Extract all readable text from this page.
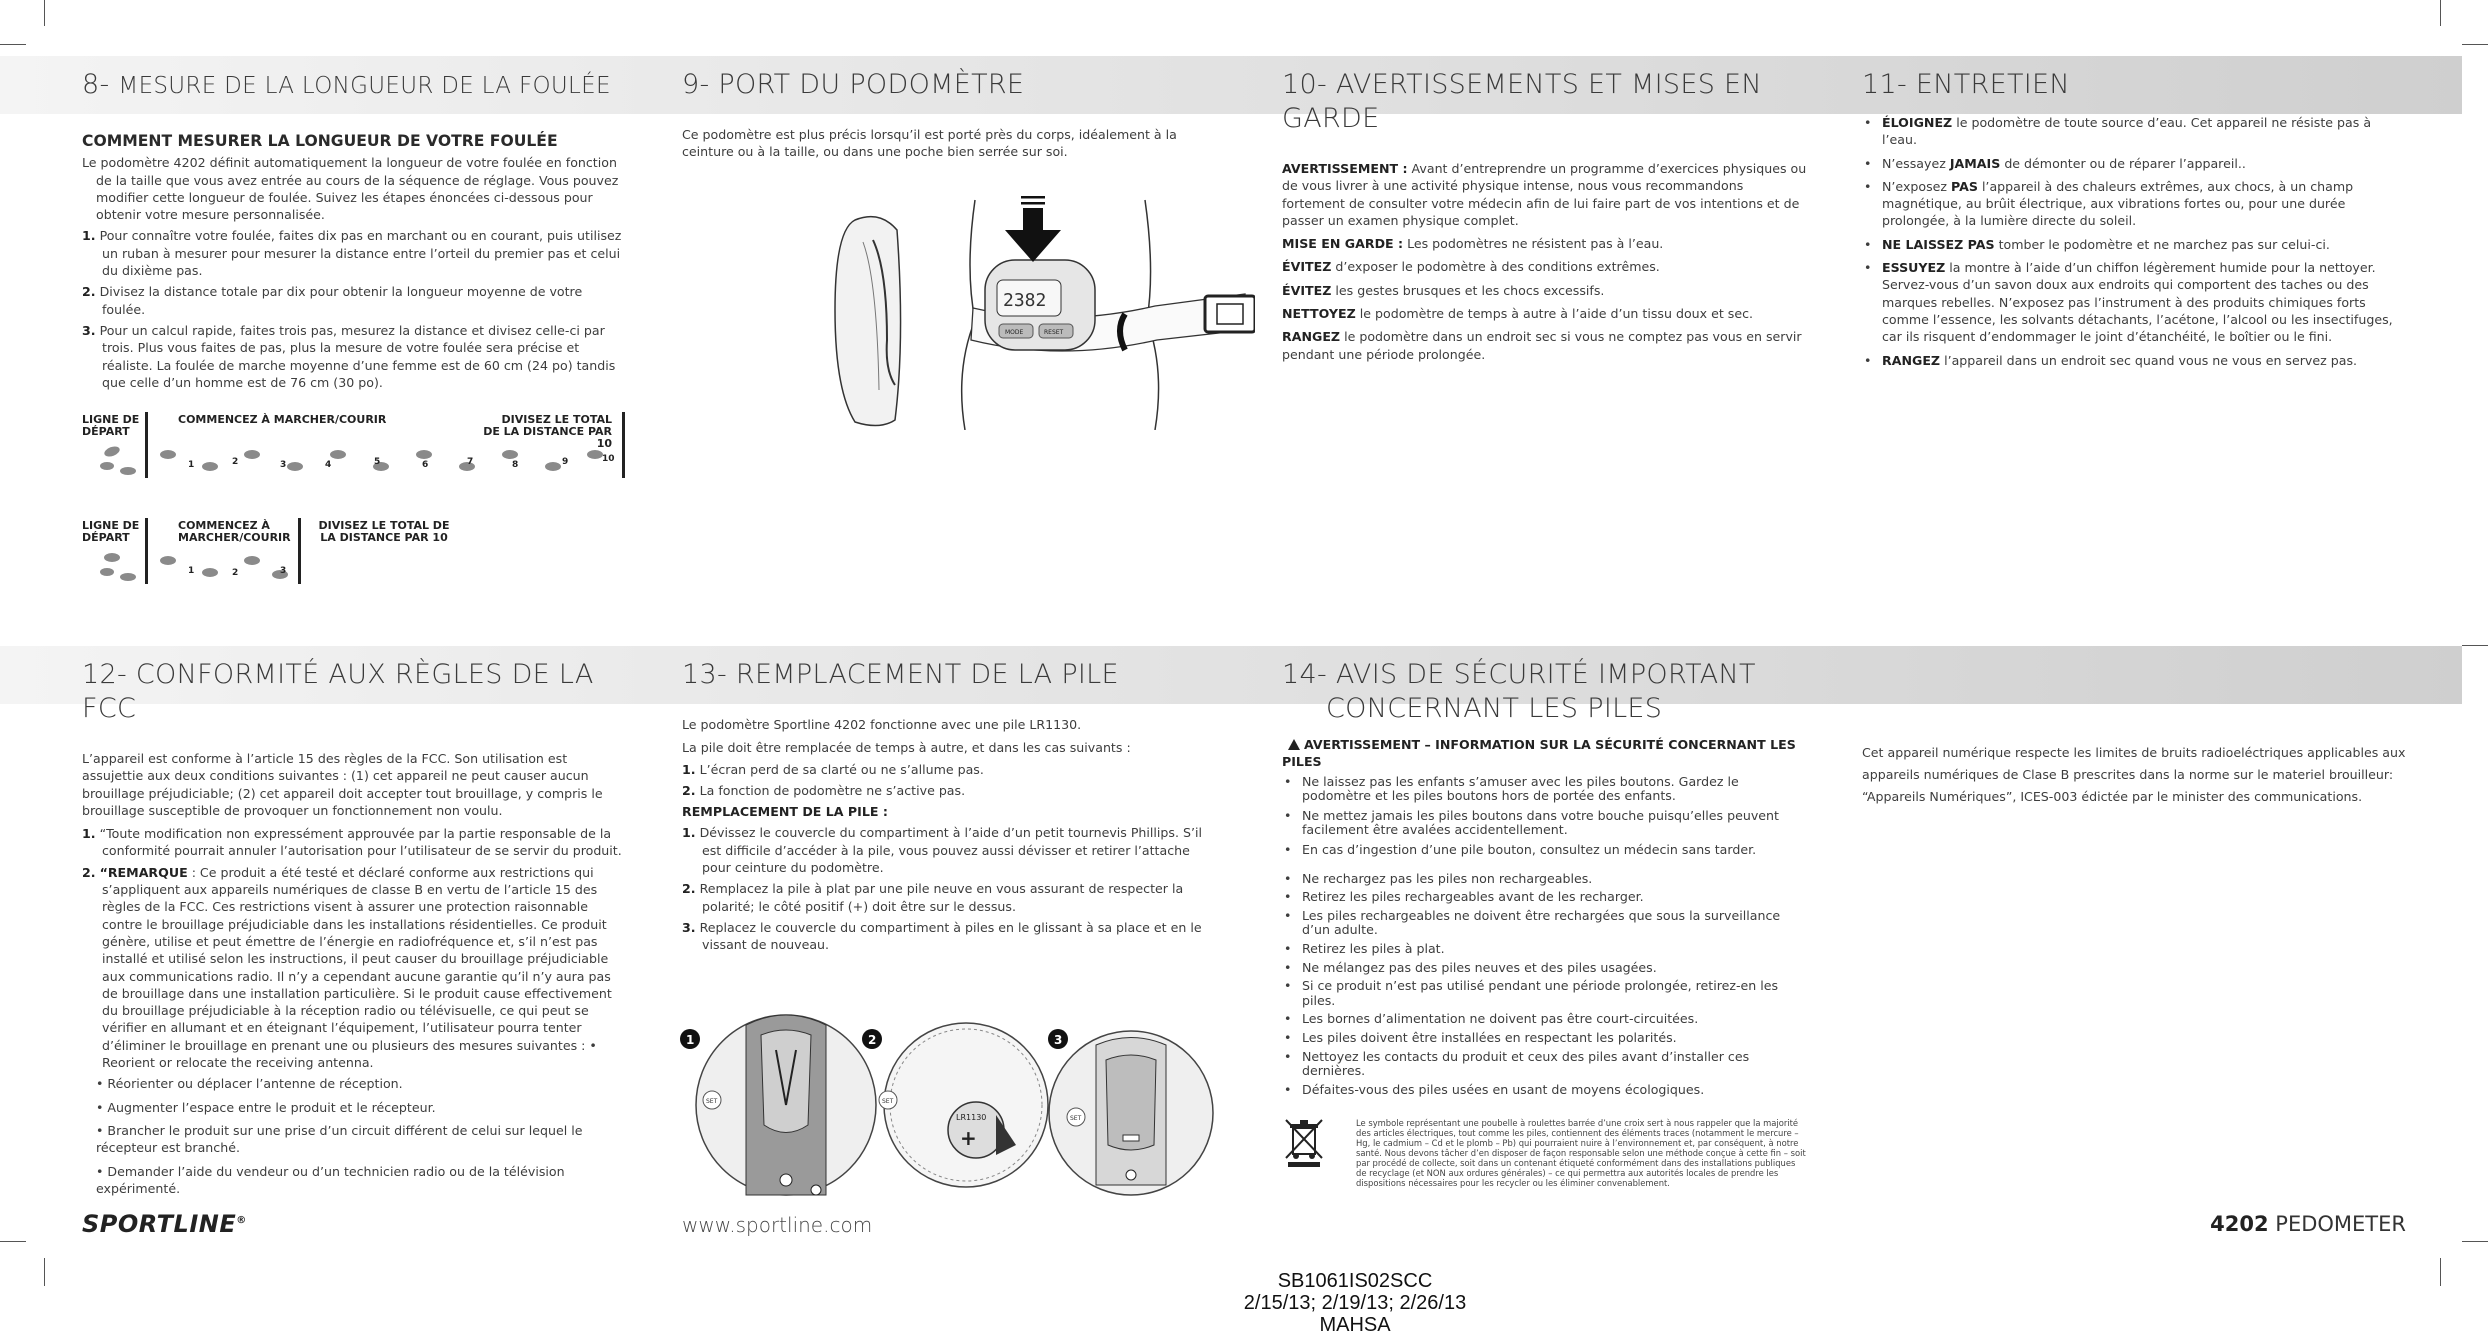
8- MESURE DE LA LONGUEUR DE LA FOULÉE

COMMENT MESURER LA LONGUEUR DE VOTRE FOULÉE

Le podomètre 4202 définit automatiquement la longueur de votre foulée en fonction de la taille que vous avez entrée au cours de la séquence de réglage. Vous pouvez modifier cette longueur de foulée. Suivez les étapes énoncées ci-dessous pour obtenir votre mesure personnalisée.

1. Pour connaître votre foulée, faites dix pas en marchant ou en courant, puis utilisez un ruban à mesurer pour mesurer la distance entre l’orteil du premier pas et celui du dixième pas.

2. Divisez la distance totale par dix pour obtenir la longueur moyenne de votre foulée.

3. Pour un calcul rapide, faites trois pas, mesurez la distance et divisez celle-ci par trois. Plus vous faites de pas, plus la mesure de votre foulée sera précise et réaliste. La foulée de marche moyenne d’une femme est de 60 cm (24 po) tandis que celle d’un homme est de 76 cm (30 po).

LIGNE DE DÉPART
COMMENCEZ À MARCHER/COURIR	DIVISEZ LE TOTAL DE LA DISTANCE PAR 10
1	2	3	4	5	6	7	8	9	10
LIGNE DE DÉPART
COMMENCEZ À MARCHER/COURIR
DIVISEZ LE TOTAL DE LA DISTANCE PAR 10
1	2	3
9- PORT DU PODOMÈTRE

Ce podomètre est plus précis lorsqu’il est porté près du corps, idéalement à la ceinture ou à la taille, ou dans une poche bien serrée sur soi.

2382
MODE	RESET
10- AVERTISSEMENTS ET MISES EN GARDE

AVERTISSEMENT : Avant d’entreprendre un programme d’exercices physiques ou de vous livrer à une activité physique intense, nous vous recommandons fortement de consulter votre médecin afin de lui faire part de vos intentions et de passer un examen physique complet.

MISE EN GARDE : Les podomètres ne résistent pas à l’eau.

ÉVITEZ d’exposer le podomètre à des conditions extrêmes.

ÉVITEZ les gestes brusques et les chocs excessifs.

NETTOYEZ le podomètre de temps à autre à l’aide d’un tissu doux et sec.

RANGEZ le podomètre dans un endroit sec si vous ne comptez pas vous en servir pendant une période prolongée.

11- ENTRETIEN
• ÉLOIGNEZ le podomètre de toute source d’eau. Cet appareil ne résiste pas à l’eau.
• N’essayez JAMAIS de démonter ou de réparer l’appareil..
• N’exposez PAS l’appareil à des chaleurs extrêmes, aux chocs, à un champ magnétique, au brûit électrique, aux vibrations fortes ou, pour une durée prolongée, à la lumière directe du soleil.
• NE LAISSEZ PAS tomber le podomètre et ne marchez pas sur celui-ci.
• ESSUYEZ la montre à l’aide d’un chiffon légèrement humide pour la nettoyer. Servez-vous d’un savon doux aux endroits qui comportent des taches ou des marques rebelles. N’exposez pas l’instrument à des produits chimiques forts comme l’essence, les solvants détachants, l’acétone, l’alcool ou les insectifuges, car ils risquent d’endommager le joint d’étanchéité, le boîtier ou le fini.
• RANGEZ l’appareil dans un endroit sec quand vous ne vous en servez pas.
12- CONFORMITÉ AUX RÈGLES DE LA FCC

L’appareil est conforme à l’article 15 des règles de la FCC. Son utilisation est assujettie aux deux conditions suivantes : (1) cet appareil ne peut causer aucun brouillage préjudiciable; (2) cet appareil doit accepter tout brouillage, y compris le brouillage susceptible de provoquer un fonctionnement non voulu.

1. “Toute modification non expressément approuvée par la partie responsable de la conformité pourrait annuler l’autorisation pour l’utilisateur de se servir du produit.

2. “REMARQUE : Ce produit a été testé et déclaré conforme aux restrictions qui s’appliquent aux appareils numériques de classe B en vertu de l’article 15 des règles de la FCC. Ces restrictions visent à assurer une protection raisonnable contre le brouillage préjudiciable dans les installations résidentielles. Ce produit génère, utilise et peut émettre de l’énergie en radiofréquence et, s’il n’est pas installé et utilisé selon les instructions, il peut causer du brouillage préjudiciable aux communications radio. Il n’y a cependant aucune garantie qu’il n’y aura pas de brouillage dans une installation particulière. Si le produit cause effectivement du brouillage préjudiciable à la réception radio ou télévisuelle, ce qui peut se vérifier en allumant et en éteignant l’équipement, l’utilisateur pourra tenter d’éliminer le brouillage en prenant une ou plusieurs des mesures suivantes : • Reorient or relocate the receiving antenna.

• Réorienter ou déplacer l’antenne de réception.

• Augmenter l’espace entre le produit et le récepteur.

• Brancher le produit sur une prise d’un circuit différent de celui sur lequel le récepteur est branché.

• Demander l’aide du vendeur ou d’un technicien radio ou de la télévision expérimenté.

13- REMPLACEMENT DE LA PILE

Le podomètre Sportline 4202 fonctionne avec une pile LR1130.

La pile doit être remplacée de temps à autre, et dans les cas suivants :

1. L’écran perd de sa clarté ou ne s’allume pas.

2. La fonction de podomètre ne s’active pas.

REMPLACEMENT DE LA PILE :

1. Dévissez le couvercle du compartiment à l’aide d’un petit tournevis Phillips. S’il est difficile d’accéder à la pile, vous pouvez aussi dévisser et retirer l’attache pour ceinture du podomètre.

2. Remplacez la pile à plat par une pile neuve en vous assurant de respecter la polarité; le côté positif (+) doit être sur le dessus.

3. Replacez le couvercle du compartiment à piles en le glissant à sa place et en le vissant de nouveau.

1
SET
2
LR1130
+
SET
3
SET
14- AVIS DE SÉCURITÉ IMPORTANT
CONCERNANT LES PILES

AVERTISSEMENT – INFORMATION SUR LA SÉCURITÉ CONCERNANT LES PILES

• Ne laissez pas les enfants s’amuser avec les piles boutons. Gardez le podomètre et les piles boutons hors de portée des enfants.
• Ne mettez jamais les piles boutons dans votre bouche puisqu’elles peuvent facilement être avalées accidentellement.
• En cas d’ingestion d’une pile bouton, consultez un médecin sans tarder.
• Ne rechargez pas les piles non rechargeables.
• Retirez les piles rechargeables avant de les recharger.
• Les piles rechargeables ne doivent être rechargées que sous la surveillance d’un adulte.
• Retirez les piles à plat.
• Ne mélangez pas des piles neuves et des piles usagées.
• Si ce produit n’est pas utilisé pendant une période prolongée, retirez-en les piles.
• Les bornes d’alimentation ne doivent pas être court-circuitées.
• Les piles doivent être installées en respectant les polarités.
• Nettoyez les contacts du produit et ceux des piles avant d’installer ces dernières.
• Défaites-vous des piles usées en usant de moyens écologiques.
Le symbole représentant une poubelle à roulettes barrée d’une croix sert à nous rappeler que la majorité des articles électriques, tout comme les piles, contiennent des éléments traces (notamment le mercure – Hg, le cadmium – Cd et le plomb – Pb) qui pourraient nuire à l’environnement et, par conséquent, à notre santé. Nous devons tâcher d’en disposer de façon responsable selon une méthode conçue à cette fin – soit par procédé de collecte, soit dans un contenant étiqueté conformément dans des installations publiques de recyclage (et NON aux ordures générales) – ce qui permettra aux autorités locales de prendre les dispositions nécessaires pour les recycler ou les éliminer convenablement.

Cet appareil numérique respecte les limites de bruits radioeléctriques applicables aux appareils numériques de Clase B prescrites dans la norme sur le materiel brouilleur: “Appareils Numériques”, ICES-003 édictée par le minister des communications.

SPORTLINE®	www.sportline.com	4202 PEDOMETER
SB1061IS02SCC
2/15/13; 2/19/13; 2/26/13
MAHSA
